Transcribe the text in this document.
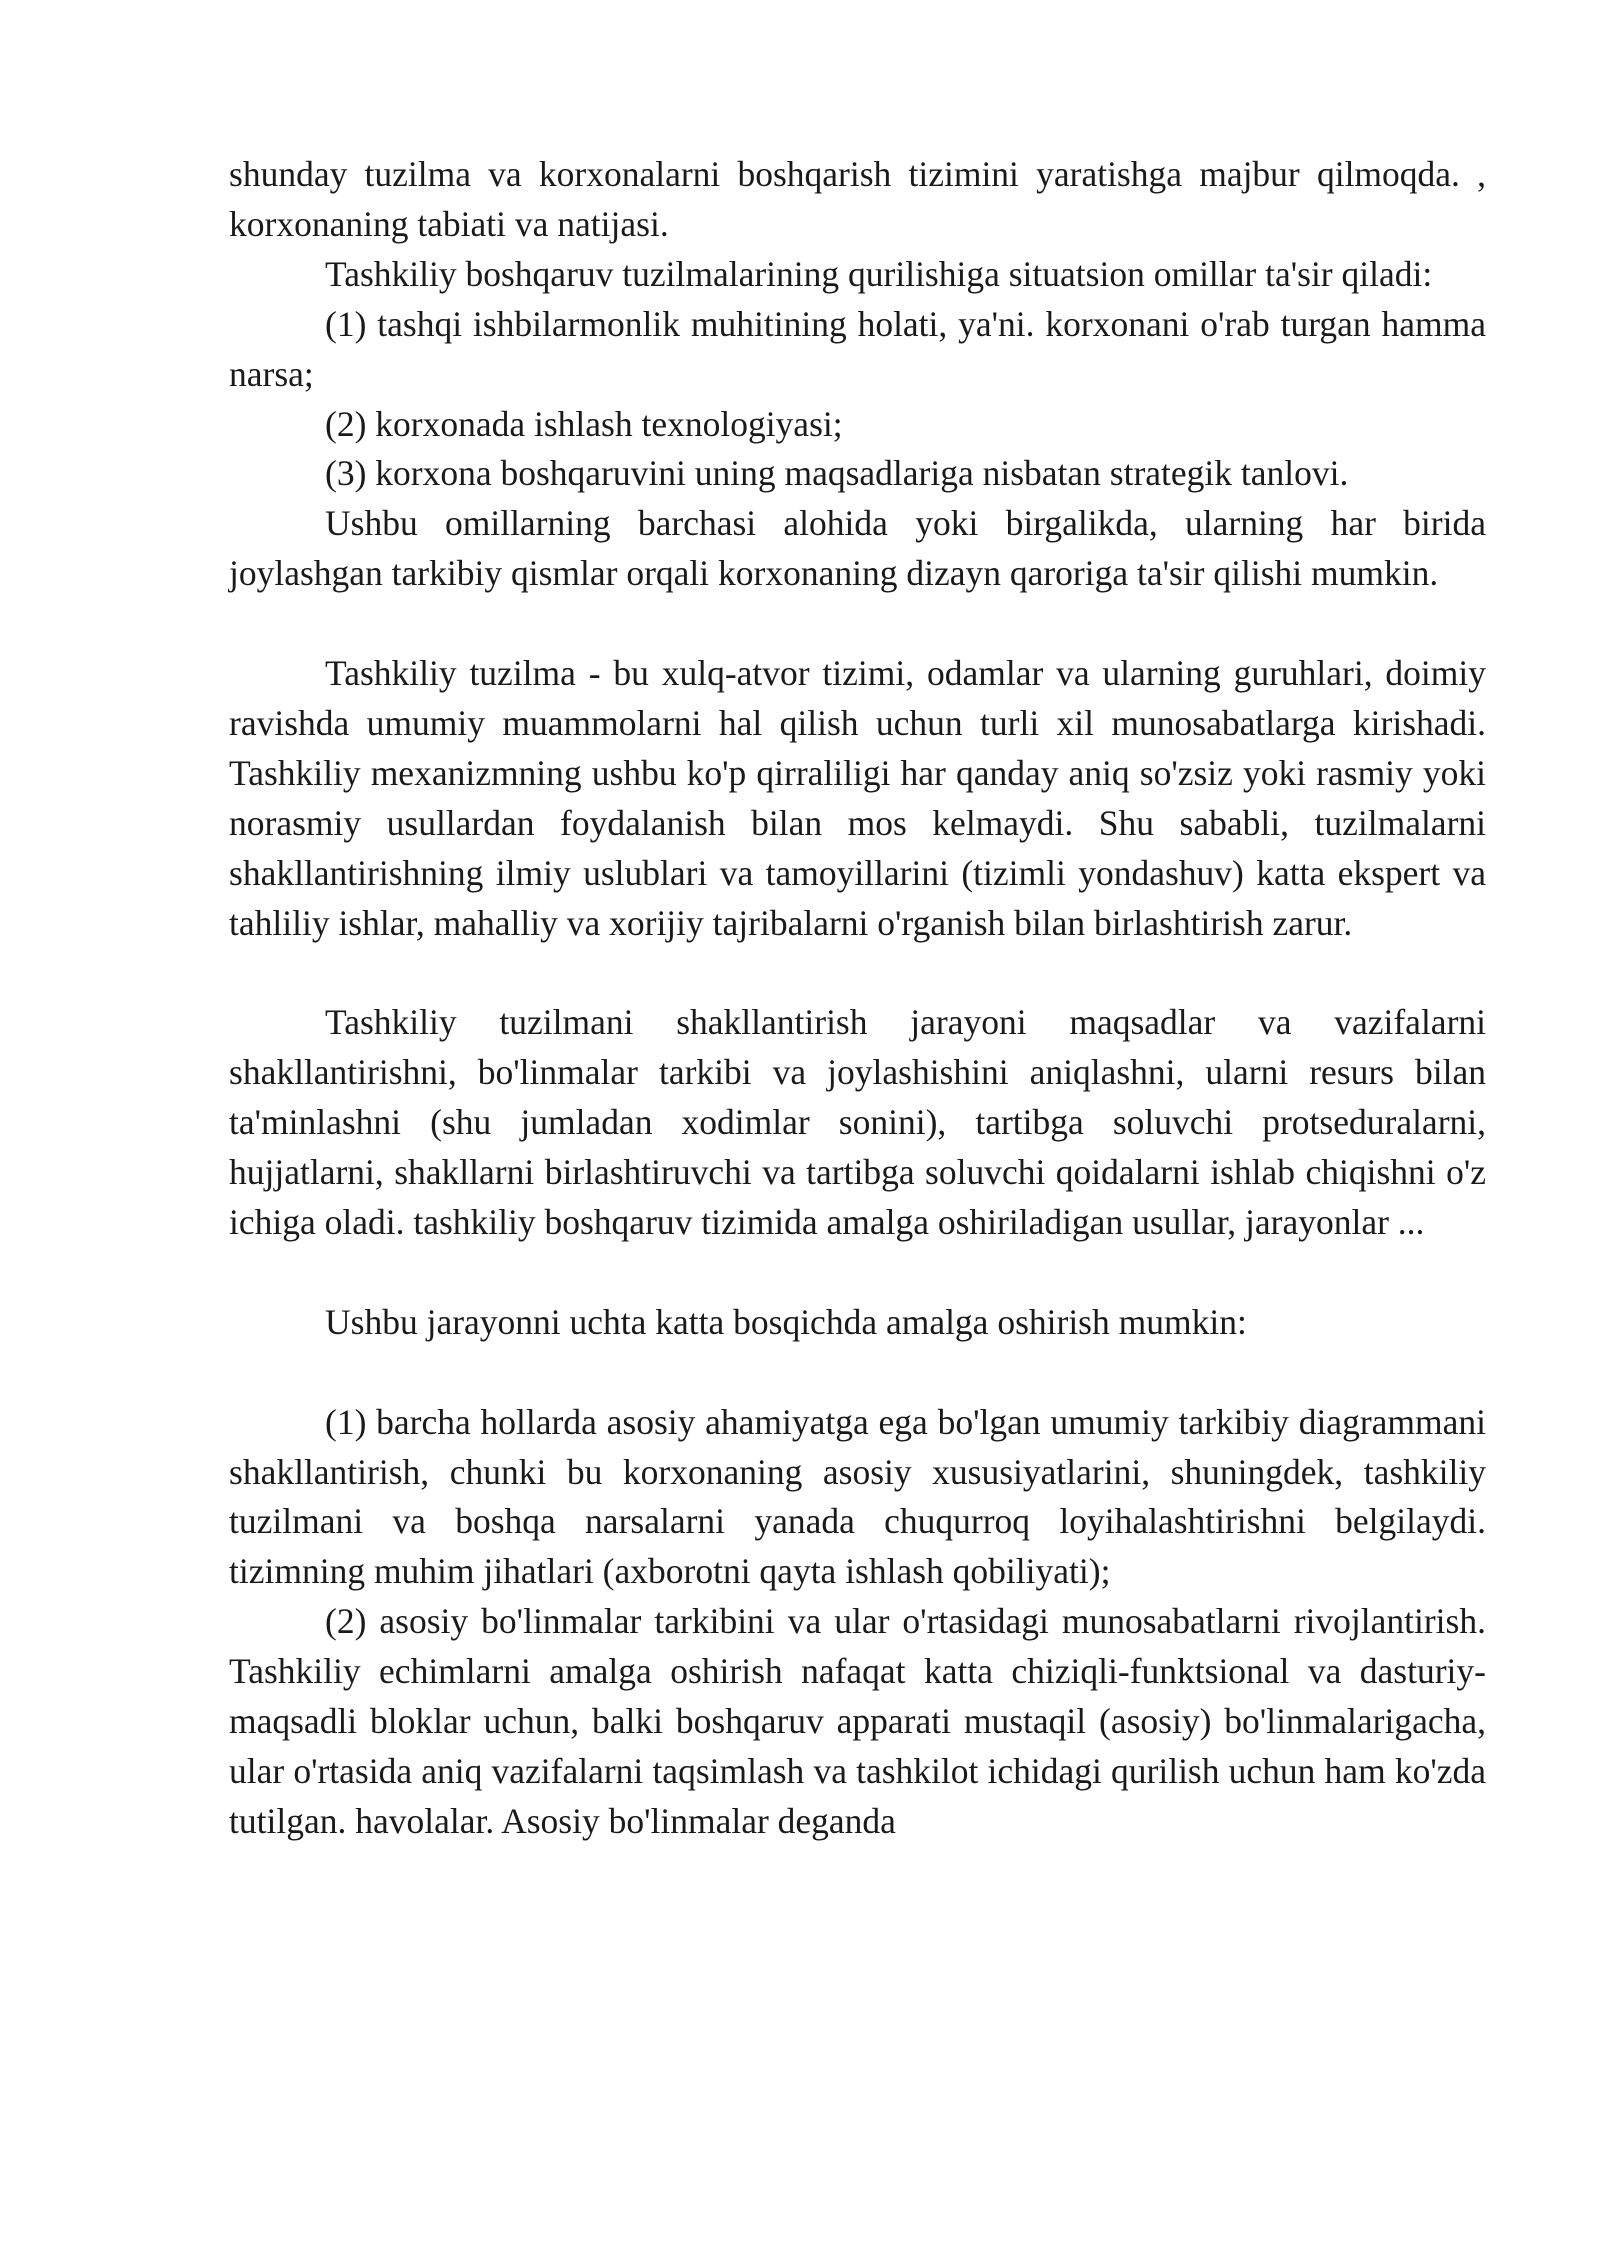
shunday tuzilma va korxonalarni boshqarish tizimini yaratishga majbur qilmoqda. , korxonaning tabiati va natijasi.

Tashkiliy boshqaruv tuzilmalarining qurilishiga situatsion omillar ta'sir qiladi:

(1) tashqi ishbilarmonlik muhitining holati, ya'ni. korxonani o'rab turgan hamma narsa;

(2) korxonada ishlash texnologiyasi;

(3) korxona boshqaruvini uning maqsadlariga nisbatan strategik tanlovi.

Ushbu omillarning barchasi alohida yoki birgalikda, ularning har birida joylashgan tarkibiy qismlar orqali korxonaning dizayn qaroriga ta'sir qilishi mumkin.

Tashkiliy tuzilma - bu xulq-atvor tizimi, odamlar va ularning guruhlari, doimiy ravishda umumiy muammolarni hal qilish uchun turli xil munosabatlarga kirishadi. Tashkiliy mexanizmning ushbu ko'p qirraliligi har qanday aniq so'zsiz yoki rasmiy yoki norasmiy usullardan foydalanish bilan mos kelmaydi. Shu sababli, tuzilmalarni shakllantirishning ilmiy uslublari va tamoyillarini (tizimli yondashuv) katta ekspert va tahliliy ishlar, mahalliy va xorijiy tajribalarni o'rganish bilan birlashtirish zarur.

Tashkiliy tuzilmani shakllantirish jarayoni maqsadlar va vazifalarni shakllantirishni, bo'linmalar tarkibi va joylashishini aniqlashni, ularni resurs bilan ta'minlashni (shu jumladan xodimlar sonini), tartibga soluvchi protseduralarni, hujjatlarni, shakllarni birlashtiruvchi va tartibga soluvchi qoidalarni ishlab chiqishni o'z ichiga oladi. tashkiliy boshqaruv tizimida amalga oshiriladigan usullar, jarayonlar ...

Ushbu jarayonni uchta katta bosqichda amalga oshirish mumkin:

(1) barcha hollarda asosiy ahamiyatga ega bo'lgan umumiy tarkibiy diagrammani shakllantirish, chunki bu korxonaning asosiy xususiyatlarini, shuningdek, tashkiliy tuzilmani va boshqa narsalarni yanada chuqurroq loyihalashtirishni belgilaydi. tizimning muhim jihatlari (axborotni qayta ishlash qobiliyati);

(2) asosiy bo'linmalar tarkibini va ular o'rtasidagi munosabatlarni rivojlantirish. Tashkiliy echimlarni amalga oshirish nafaqat katta chiziqli-funktsional va dasturiy-maqsadli bloklar uchun, balki boshqaruv apparati mustaqil (asosiy) bo'linmalarigacha, ular o'rtasida aniq vazifalarni taqsimlash va tashkilot ichidagi qurilish uchun ham ko'zda tutilgan. havolalar. Asosiy bo'linmalar deganda
